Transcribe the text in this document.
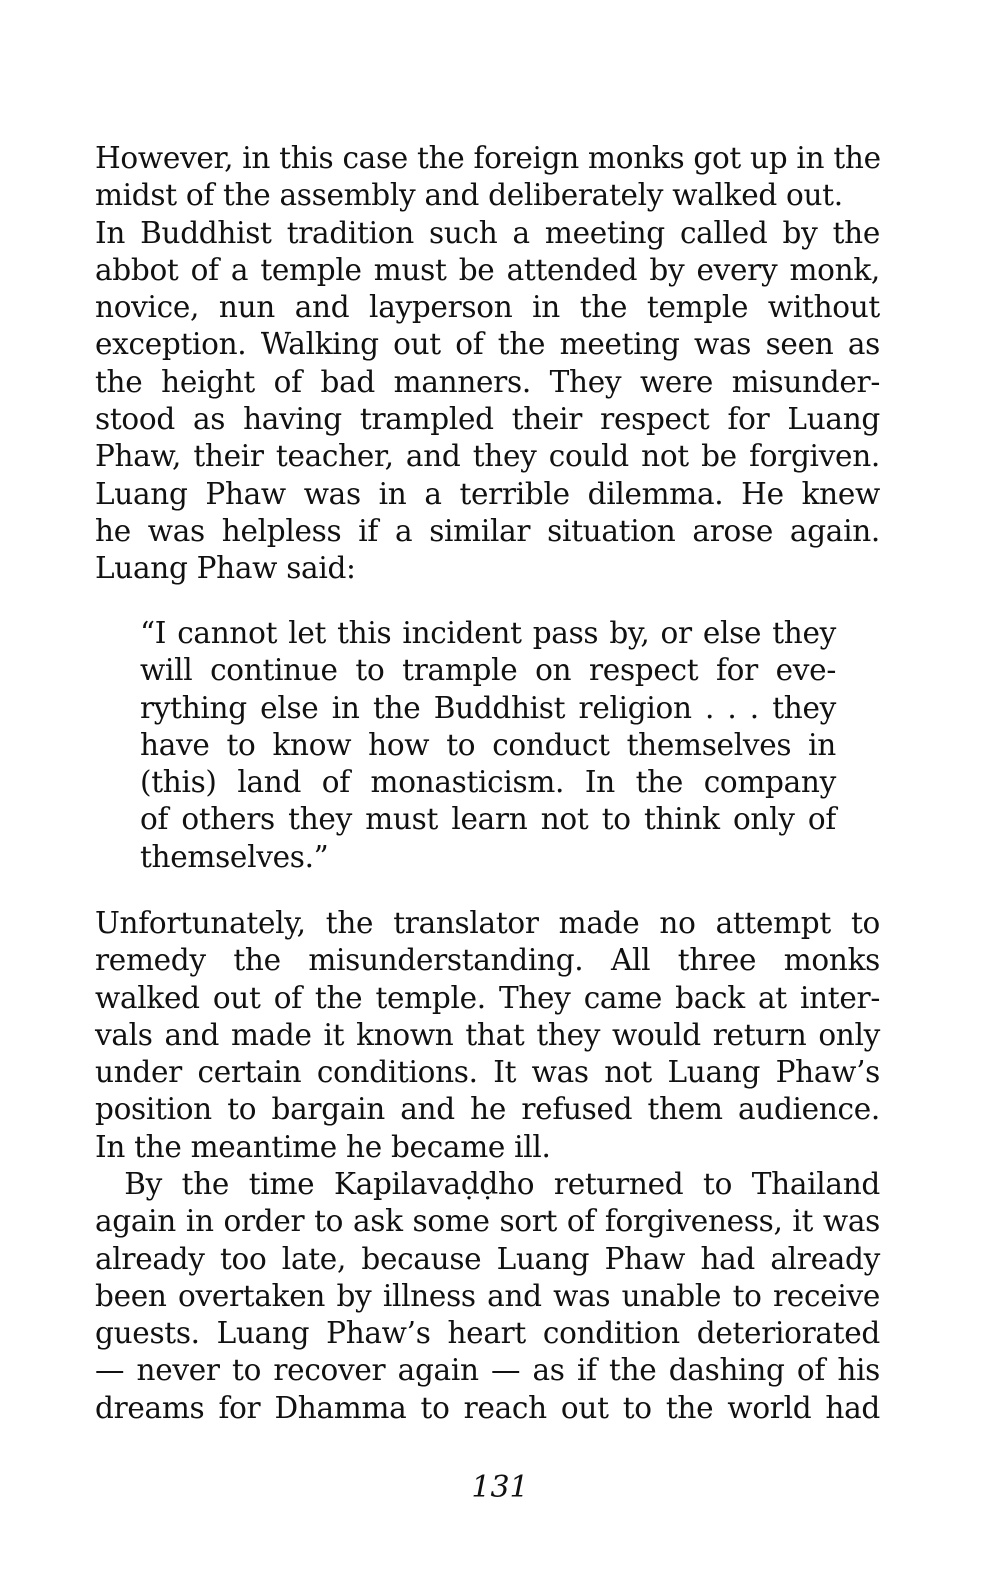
However, in this case the foreign monks got up in the
midst of the assembly and deliberately walked out.
In Buddhist tradition such a meeting called by the
abbot of a temple must be attended by every monk,
novice, nun and layperson in the temple without
exception. Walking out of the meeting was seen as
the height of bad manners. They were misunder-
stood as having trampled their respect for Luang
Phaw, their teacher, and they could not be forgiven.
Luang Phaw was in a terrible dilemma. He knew
he was helpless if a similar situation arose again.
Luang Phaw said:
“I cannot let this incident pass by, or else they
will continue to trample on respect for eve-
rything else in the Buddhist religion . . . they
have to know how to conduct themselves in
(this) land of monasticism. In the company
of others they must learn not to think only of
themselves.”
Unfortunately, the translator made no attempt to
remedy the misunderstanding. All three monks
walked out of the temple. They came back at inter-
vals and made it known that they would return only
under certain conditions. It was not Luang Phaw’s
position to bargain and he refused them audience.
In the meantime he became ill.
 By the time Kapilavaḍḍho returned to Thailand
again in order to ask some sort of forgiveness, it was
already too late, because Luang Phaw had already
been overtaken by illness and was unable to receive
guests. Luang Phaw’s heart condition deteriorated
— never to recover again — as if the dashing of his
dreams for Dhamma to reach out to the world had
131
